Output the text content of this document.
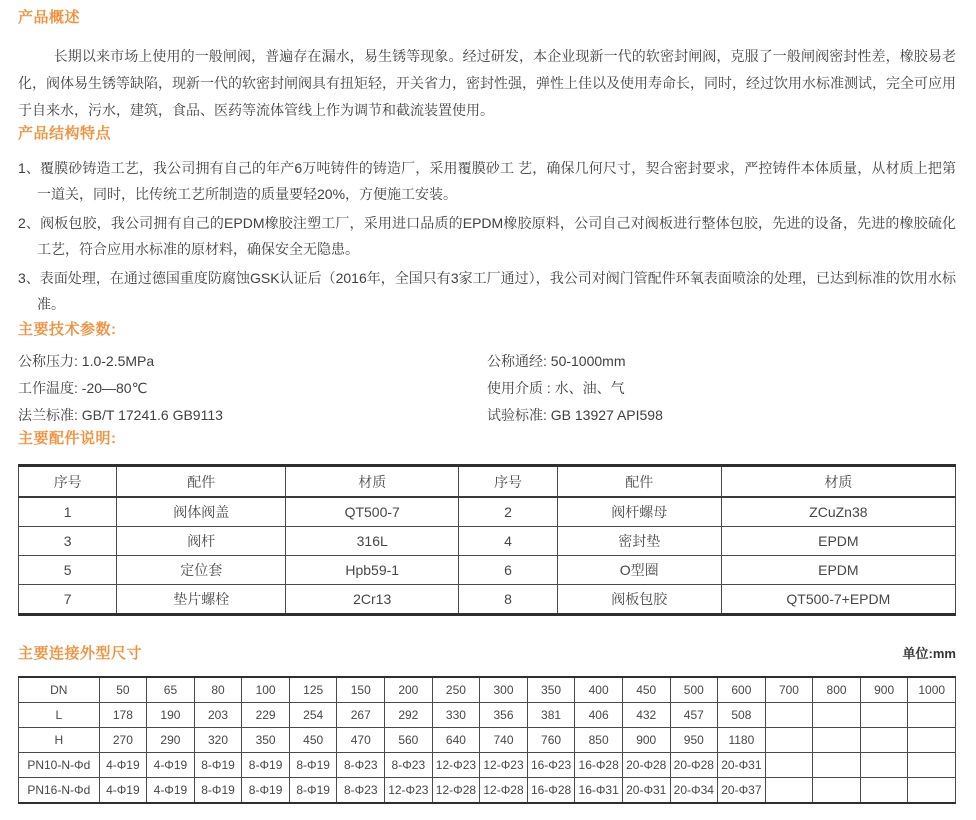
产品概述

长期以来市场上使用的一般闸阀，普遍存在漏水，易生锈等现象。经过研发，本企业现新一代的软密封闸阀，克服了一般闸阀密封性差，橡胶易老化，阀体易生锈等缺陷，现新一代的软密封闸阀具有扭矩轻，开关省力，密封性强，弹性上佳以及使用寿命长，同时，经过饮用水标准测试，完全可应用于自来水，污水，建筑，食品、医药等流体管线上作为调节和截流装置使用。

产品结构特点
1、覆膜砂铸造工艺，我公司拥有自己的年产6万吨铸件的铸造厂，采用覆膜砂工 艺，确保几何尺寸，契合密封要求，严控铸件本体质量，从材质上把第一道关，同时，比传统工艺所制造的质量要轻20%，方便施工安装。
2、阀板包胶，我公司拥有自己的EPDM橡胶注塑工厂，采用进口品质的EPDM橡胶原料，公司自己对阀板进行整体包胶，先进的设备，先进的橡胶硫化工艺，符合应用水标准的原材料，确保安全无隐患。
3、表面处理，在通过德国重度防腐蚀GSK认证后（2016年，全国只有3家工厂通过），我公司对阀门管配件环氧表面喷涂的处理，已达到标准的饮用水标准。
主要技术参数:

公称压力: 1.0-2.5MPa

工作温度: -20—80℃

法兰标准: GB/T 17241.6 GB9113

公称通经: 50-1000mm

使用介质 : 水、油、气

试验标准: GB 13927 API598

主要配件说明:
序号	配件	材质	序号	配件	材质
1	阀体阀盖	QT500-7	2	阀杆螺母	ZCuZn38
3	阀杆	316L	4	密封垫	EPDM
5	定位套	Hpb59-1	6	O型圈	EPDM
7	垫片螺栓	2Cr13	8	阀板包胶	QT500-7+EPDM
主要连接外型尺寸	单位:mm
DN	50	65	80	100	125	150	200	250	300	350	400	450	500	600	700	800	900	1000
L	178	190	203	229	254	267	292	330	356	381	406	432	457	508				
H	270	290	320	350	450	470	560	640	740	760	850	900	950	1180				
PN10-N-Φd	4-Φ19	4-Φ19	8-Φ19	8-Φ19	8-Φ19	8-Φ23	8-Φ23	12-Φ23	12-Φ23	16-Φ23	16-Φ28	20-Φ28	20-Φ28	20-Φ31				
PN16-N-Φd	4-Φ19	4-Φ19	8-Φ19	8-Φ19	8-Φ19	8-Φ23	12-Φ23	12-Φ28	12-Φ28	16-Φ28	16-Φ31	20-Φ31	20-Φ34	20-Φ37				
